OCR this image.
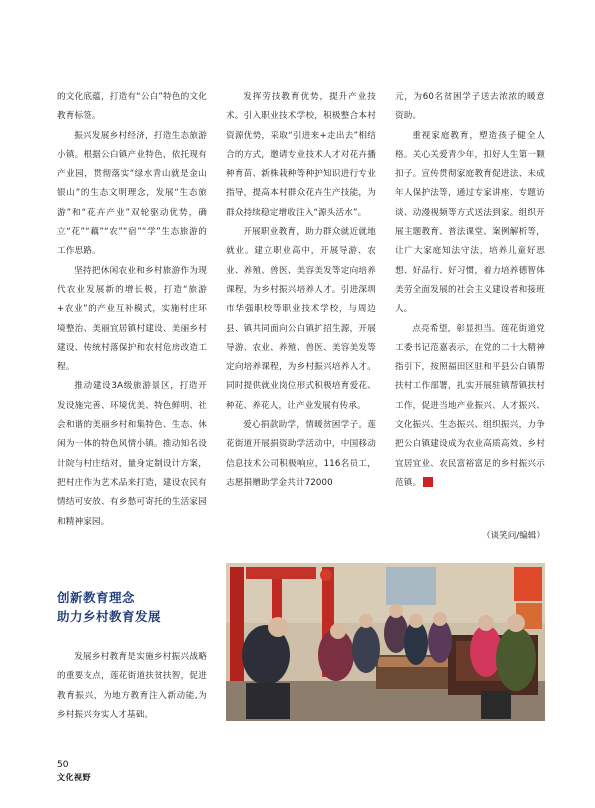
的文化底蕴，打造有“公白”特色的文化教育标签。

振兴发展乡村经济，打造生态旅游小镇。根据公白镇产业特色，依托现有产业园，贯彻落实“绿水青山就是金山银山”的生态文明理念，发展“生态旅游”和“花卉产业”双轮驱动优势，确立“花”“藕”“农”“宿”“学”生态旅游的工作思路。

坚持把休闲农业和乡村旅游作为现代农业发展新的增长极，打造“旅游+农业”的产业互补模式，实施村庄环境整治、美丽宜居镇村建设、美丽乡村建设、传统村落保护和农村危房改造工程。

推动建设3A级旅游景区，打造开发设施完善、环境优美、特色鲜明、社会和谐的美丽乡村和集特色、生态、休闲为一体的特色风情小镇。推动知名设计院与村庄结对，量身定制设计方案，把村庄作为艺术品来打造，建设农民有情结可安放、有乡愁可寄托的生活家园和精神家园。

创新教育理念
助力乡村教育发展

发展乡村教育是实施乡村振兴战略的重要支点，莲花街道扶贫扶智，促进教育振兴，为地方教育注入新动能,为乡村振兴夯实人才基础。

发挥劳技教育优势，提升产业技术。引入职业技术学校，积极整合本村资源优势，采取“引进来+走出去”相结合的方式，邀请专业技术人才对花卉播种育苗、新株栽种等种护知识进行专业指导，提高本村群众花卉生产技能，为群众持续稳定增收注入“源头活水”。

开展职业教育，助力群众就近就地就业。建立职业高中，开展导游、农业、养殖、兽医、美容美发等定向培养课程，为乡村振兴培养人才。引进深圳市华强职校等职业技术学校，与周边县、镇共同面向公白镇扩招生源，开展导游、农业、养殖、兽医、美容美发等定向培养课程，为乡村振兴培养人才。同时提供就业岗位形式积极培育爱花、种花、养花人，让产业发展有传承。

爱心捐款助学，情暖贫困学子。莲花街道开展捐资助学活动中，中国移动信息技术公司积极响应，116名员工，志愿捐赠助学金共计72000

元，为60名贫困学子送去浓浓的暖意资助。

重视家庭教育，塑造孩子健全人格。关心关爱青少年，扣好人生第一颗扣子。宣传贯彻家庭教育促进法、未成年人保护法等，通过专家讲座、专题访谈、动漫视频等方式送法到家。组织开展主题教育、普法课堂、案例解析等，让广大家庭知法守法，培养儿童好思想、好品行、好习惯，着力培养德智体美劳全面发展的社会主义建设者和接班人。

点亮希望，彰显担当。莲花街道党工委书记范嘉表示，在党的二十大精神指引下，按照福田区驻和平县公白镇帮扶村工作部署，扎实开展驻镇帮镇扶村工作，促进当地产业振兴、人才振兴、文化振兴、生态振兴、组织振兴，力争把公白镇建设成为农业高质高效、乡村宜居宜业、农民富裕富足的乡村振兴示范镇。 N

（谈笑问/编辑）
50
文化视野
